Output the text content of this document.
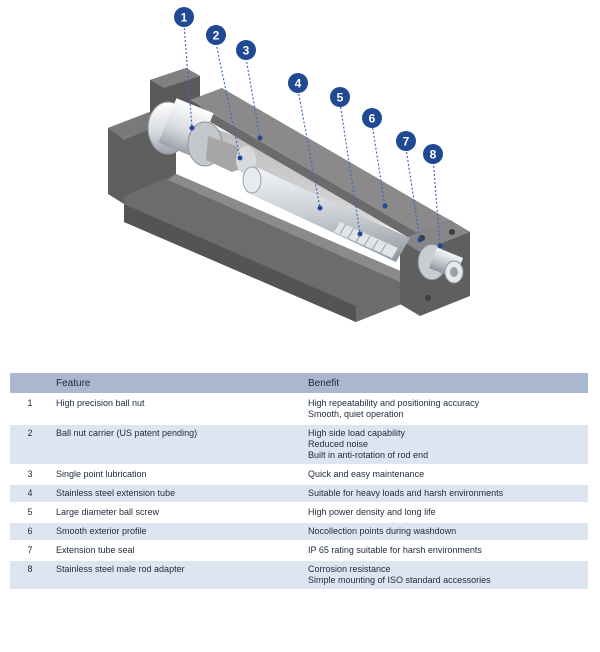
1
2
3
4
5
6
7
8
	Feature	Benefit
1	High precision ball nut	High repeatability and positioning accuracy
Smooth, quiet operation

2	Ball nut carrier (US patent pending)	High side load capability
Reduced noise
Built in anti-rotation of rod end

3	Single point lubrication	Quick and easy maintenance

4	Stainless steel extension tube	Suitable for heavy loads and harsh environments

5	Large diameter ball screw	High power density and long life

6	Smooth exterior profile	Nocollection points during washdown

7	Extension tube seal	IP 65 rating suitable for harsh environments

8	Stainless steel male rod adapter	Corrosion resistance
Simple mounting of ISO standard accessories
